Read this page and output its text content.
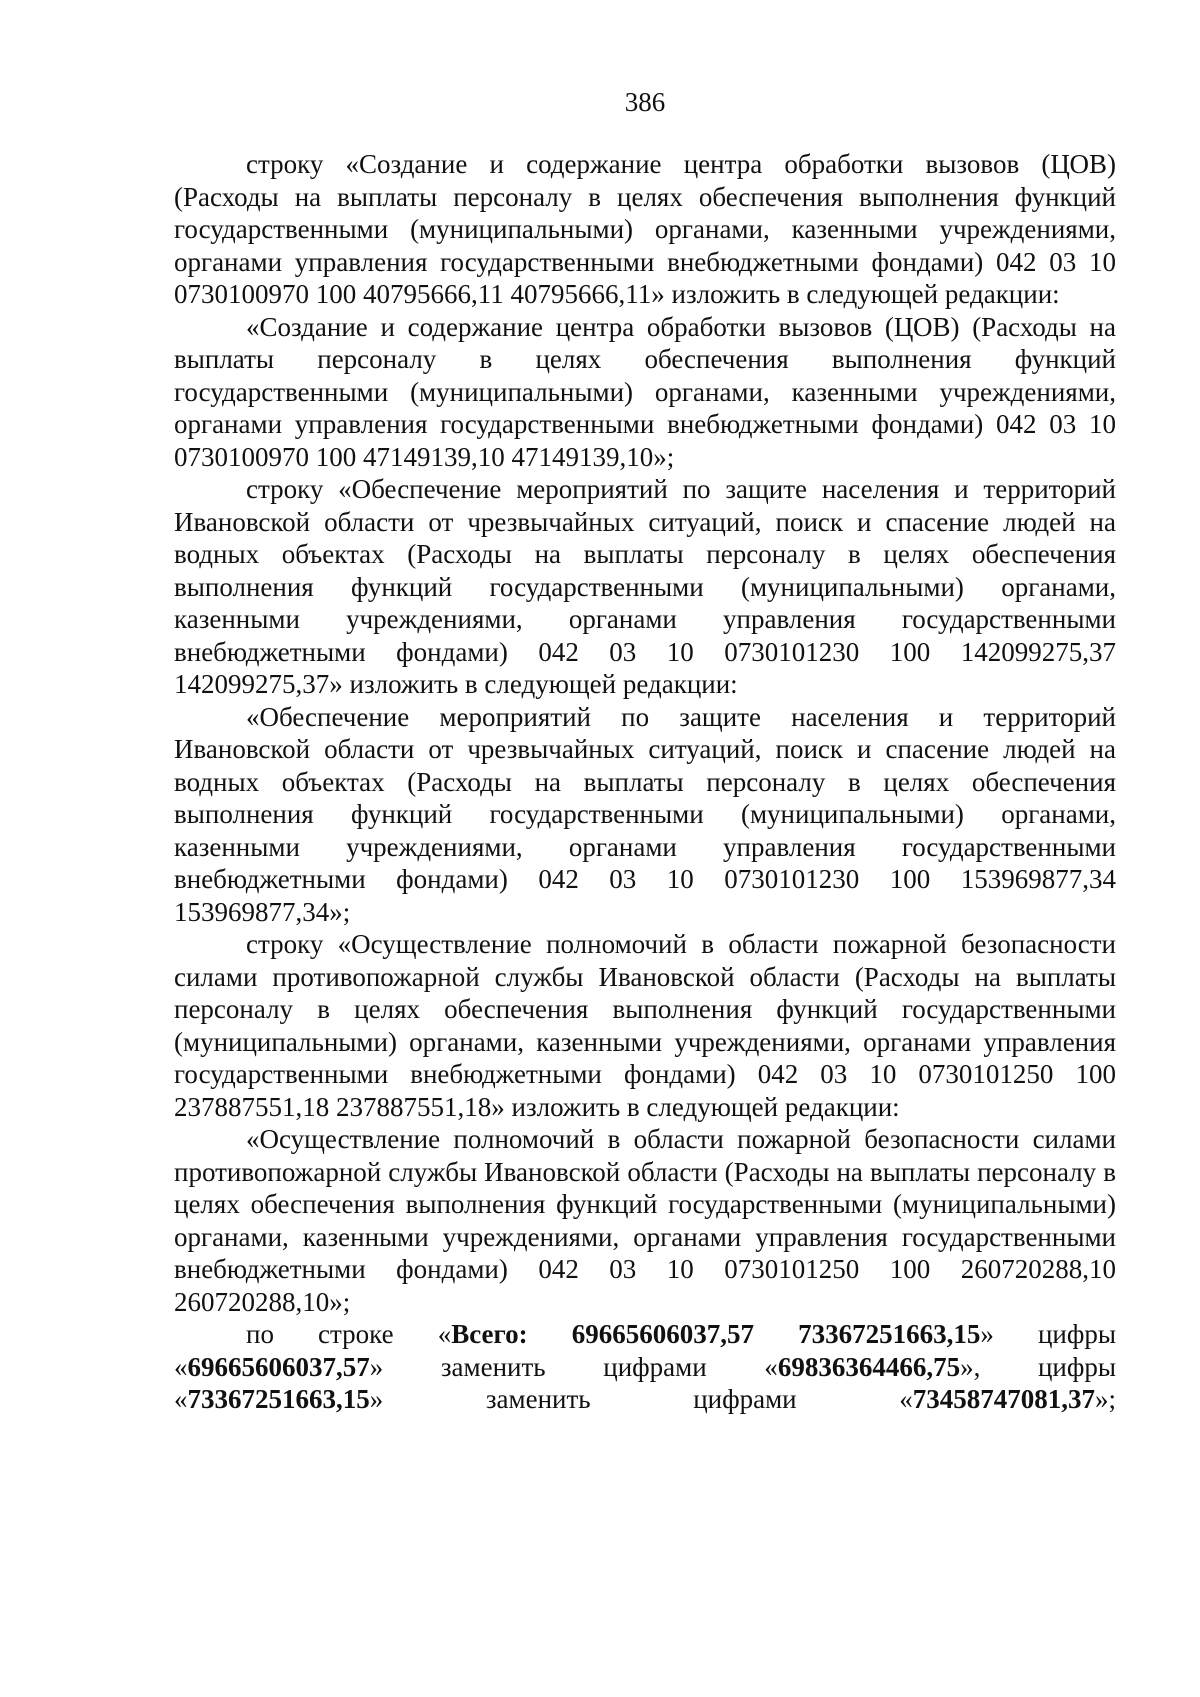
386

строку «Создание и содержание центра обработки вызовов (ЦОВ) (Расходы на выплаты персоналу в целях обеспечения выполнения функций государственными (муниципальными) органами, казенными учреждениями, органами управления государственными внебюджетными фондами) 042 03 10 0730100970 100 40795666,11 40795666,11» изложить в следующей редакции:

«Создание и содержание центра обработки вызовов (ЦОВ) (Расходы на выплаты персоналу в целях обеспечения выполнения функций государственными (муниципальными) органами, казенными учреждениями, органами управления государственными внебюджетными фондами) 042 03 10 0730100970 100 47149139,10 47149139,10»;

строку «Обеспечение мероприятий по защите населения и территорий Ивановской области от чрезвычайных ситуаций, поиск и спасение людей на водных объектах (Расходы на выплаты персоналу в целях обеспечения выполнения функций государственными (муниципальными) органами, казенными учреждениями, органами управления государственными внебюджетными фондами) 042 03 10 0730101230 100 142099275,37 142099275,37» изложить в следующей редакции:

«Обеспечение мероприятий по защите населения и территорий Ивановской области от чрезвычайных ситуаций, поиск и спасение людей на водных объектах (Расходы на выплаты персоналу в целях обеспечения выполнения функций государственными (муниципальными) органами, казенными учреждениями, органами управления государственными внебюджетными фондами) 042 03 10 0730101230 100 153969877,34 153969877,34»;

строку «Осуществление полномочий в области пожарной безопасности силами противопожарной службы Ивановской области (Расходы на выплаты персоналу в целях обеспечения выполнения функций государственными (муниципальными) органами, казенными учреждениями, органами управления государственными внебюджетными фондами) 042 03 10 0730101250 100 237887551,18 237887551,18» изложить в следующей редакции:

«Осуществление полномочий в области пожарной безопасности силами противопожарной службы Ивановской области (Расходы на выплаты персоналу в целях обеспечения выполнения функций государственными (муниципальными) органами, казенными учреждениями, органами управления государственными внебюджетными фондами) 042 03 10 0730101250 100 260720288,10 260720288,10»;

по строке «Всего: 69665606037,57 73367251663,15» цифры «69665606037,57» заменить цифрами «69836364466,75», цифры «73367251663,15» заменить цифрами «73458747081,37»;
